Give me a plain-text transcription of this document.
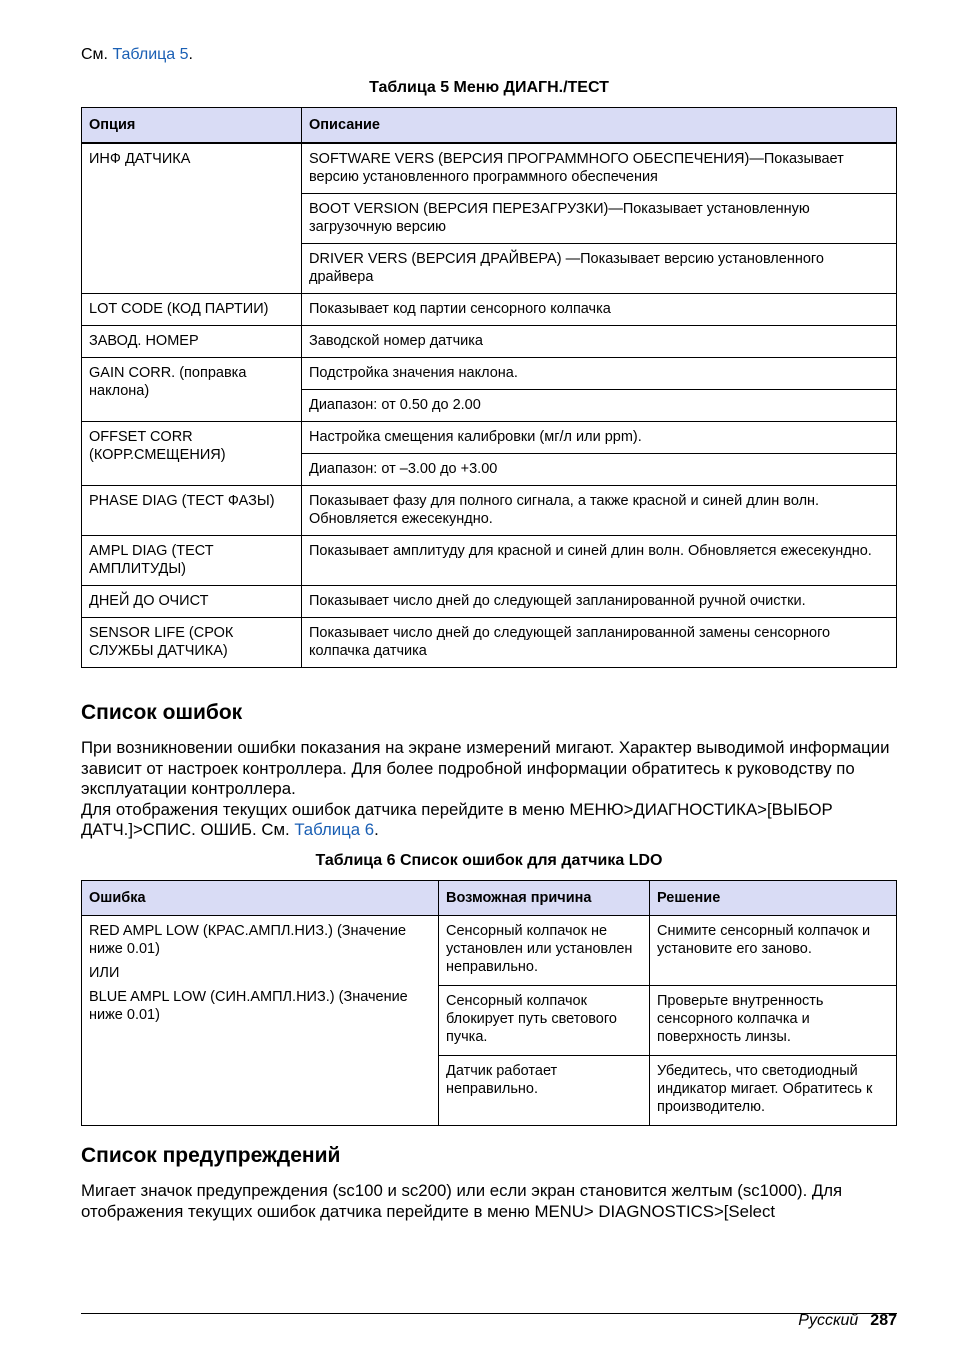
См. Таблица 5.
Таблица 5 Меню ДИАГН./ТЕСТ
Опция	Описание
ИНФ ДАТЧИКА	SOFTWARE VERS (ВЕРСИЯ ПРОГРАММНОГО ОБЕСПЕЧЕНИЯ)—Показывает версию установленного программного обеспечения
	BOOT VERSION (ВЕРСИЯ ПЕРЕЗАГРУЗКИ)—Показывает установленную загрузочную версию
	DRIVER VERS (ВЕРСИЯ ДРАЙВЕРА) —Показывает версию установленного драйвера
LOT CODE (КОД ПАРТИИ)	Показывает код партии сенсорного колпачка
ЗАВОД. НОМЕР	Заводской номер датчика
GAIN CORR. (поправка наклона)	Подстройка значения наклона.
	Диапазон: от 0.50 до 2.00
OFFSET CORR (КОРР.СМЕЩЕНИЯ)	Настройка смещения калибровки (мг/л или ppm).
	Диапазон: от –3.00 до +3.00
PHASE DIAG (ТЕСТ ФАЗЫ)	Показывает фазу для полного сигнала, а также красной и синей длин волн. Обновляется ежесекундно.
AMPL DIAG (ТЕСТ АМПЛИТУДЫ)	Показывает амплитуду для красной и синей длин волн. Обновляется ежесекундно.
ДНЕЙ ДО ОЧИСТ	Показывает число дней до следующей запланированной ручной очистки.
SENSOR LIFE (СРОК СЛУЖБЫ ДАТЧИКА)	Показывает число дней до следующей запланированной замены сенсорного колпачка датчика
Список ошибок
При возникновении ошибки показания на экране измерений мигают. Характер выводимой информации зависит от настроек контроллера. Для более подробной информации обратитесь к руководству по эксплуатации контроллера.
Для отображения текущих ошибок датчика перейдите в меню МЕНЮ>ДИАГНОСТИКА>[ВЫБОР ДАТЧ.]>СПИС. ОШИБ. См. Таблица 6.
Таблица 6 Список ошибок для датчика LDO
Ошибка	Возможная причина	Решение

RED AMPL LOW (КРАС.АМПЛ.НИЗ.) (Значение ниже 0.01)

ИЛИ

BLUE AMPL LOW (СИН.АМПЛ.НИЗ.) (Значение ниже 0.01)	Сенсорный колпачок не установлен или установлен неправильно.	Снимите сенсорный колпачок и установите его заново.
	Сенсорный колпачок блокирует путь светового пучка.	Проверьте внутренность сенсорного колпачка и поверхность линзы.
	Датчик работает неправильно.	Убедитесь, что светодиодный индикатор мигает. Обратитесь к производителю.
Список предупреждений
Мигает значок предупреждения (sc100 и sc200) или если экран становится желтым (sc1000). Для отображения текущих ошибок датчика перейдите в меню MENU> DIAGNOSTICS>[Select
Русский 287
